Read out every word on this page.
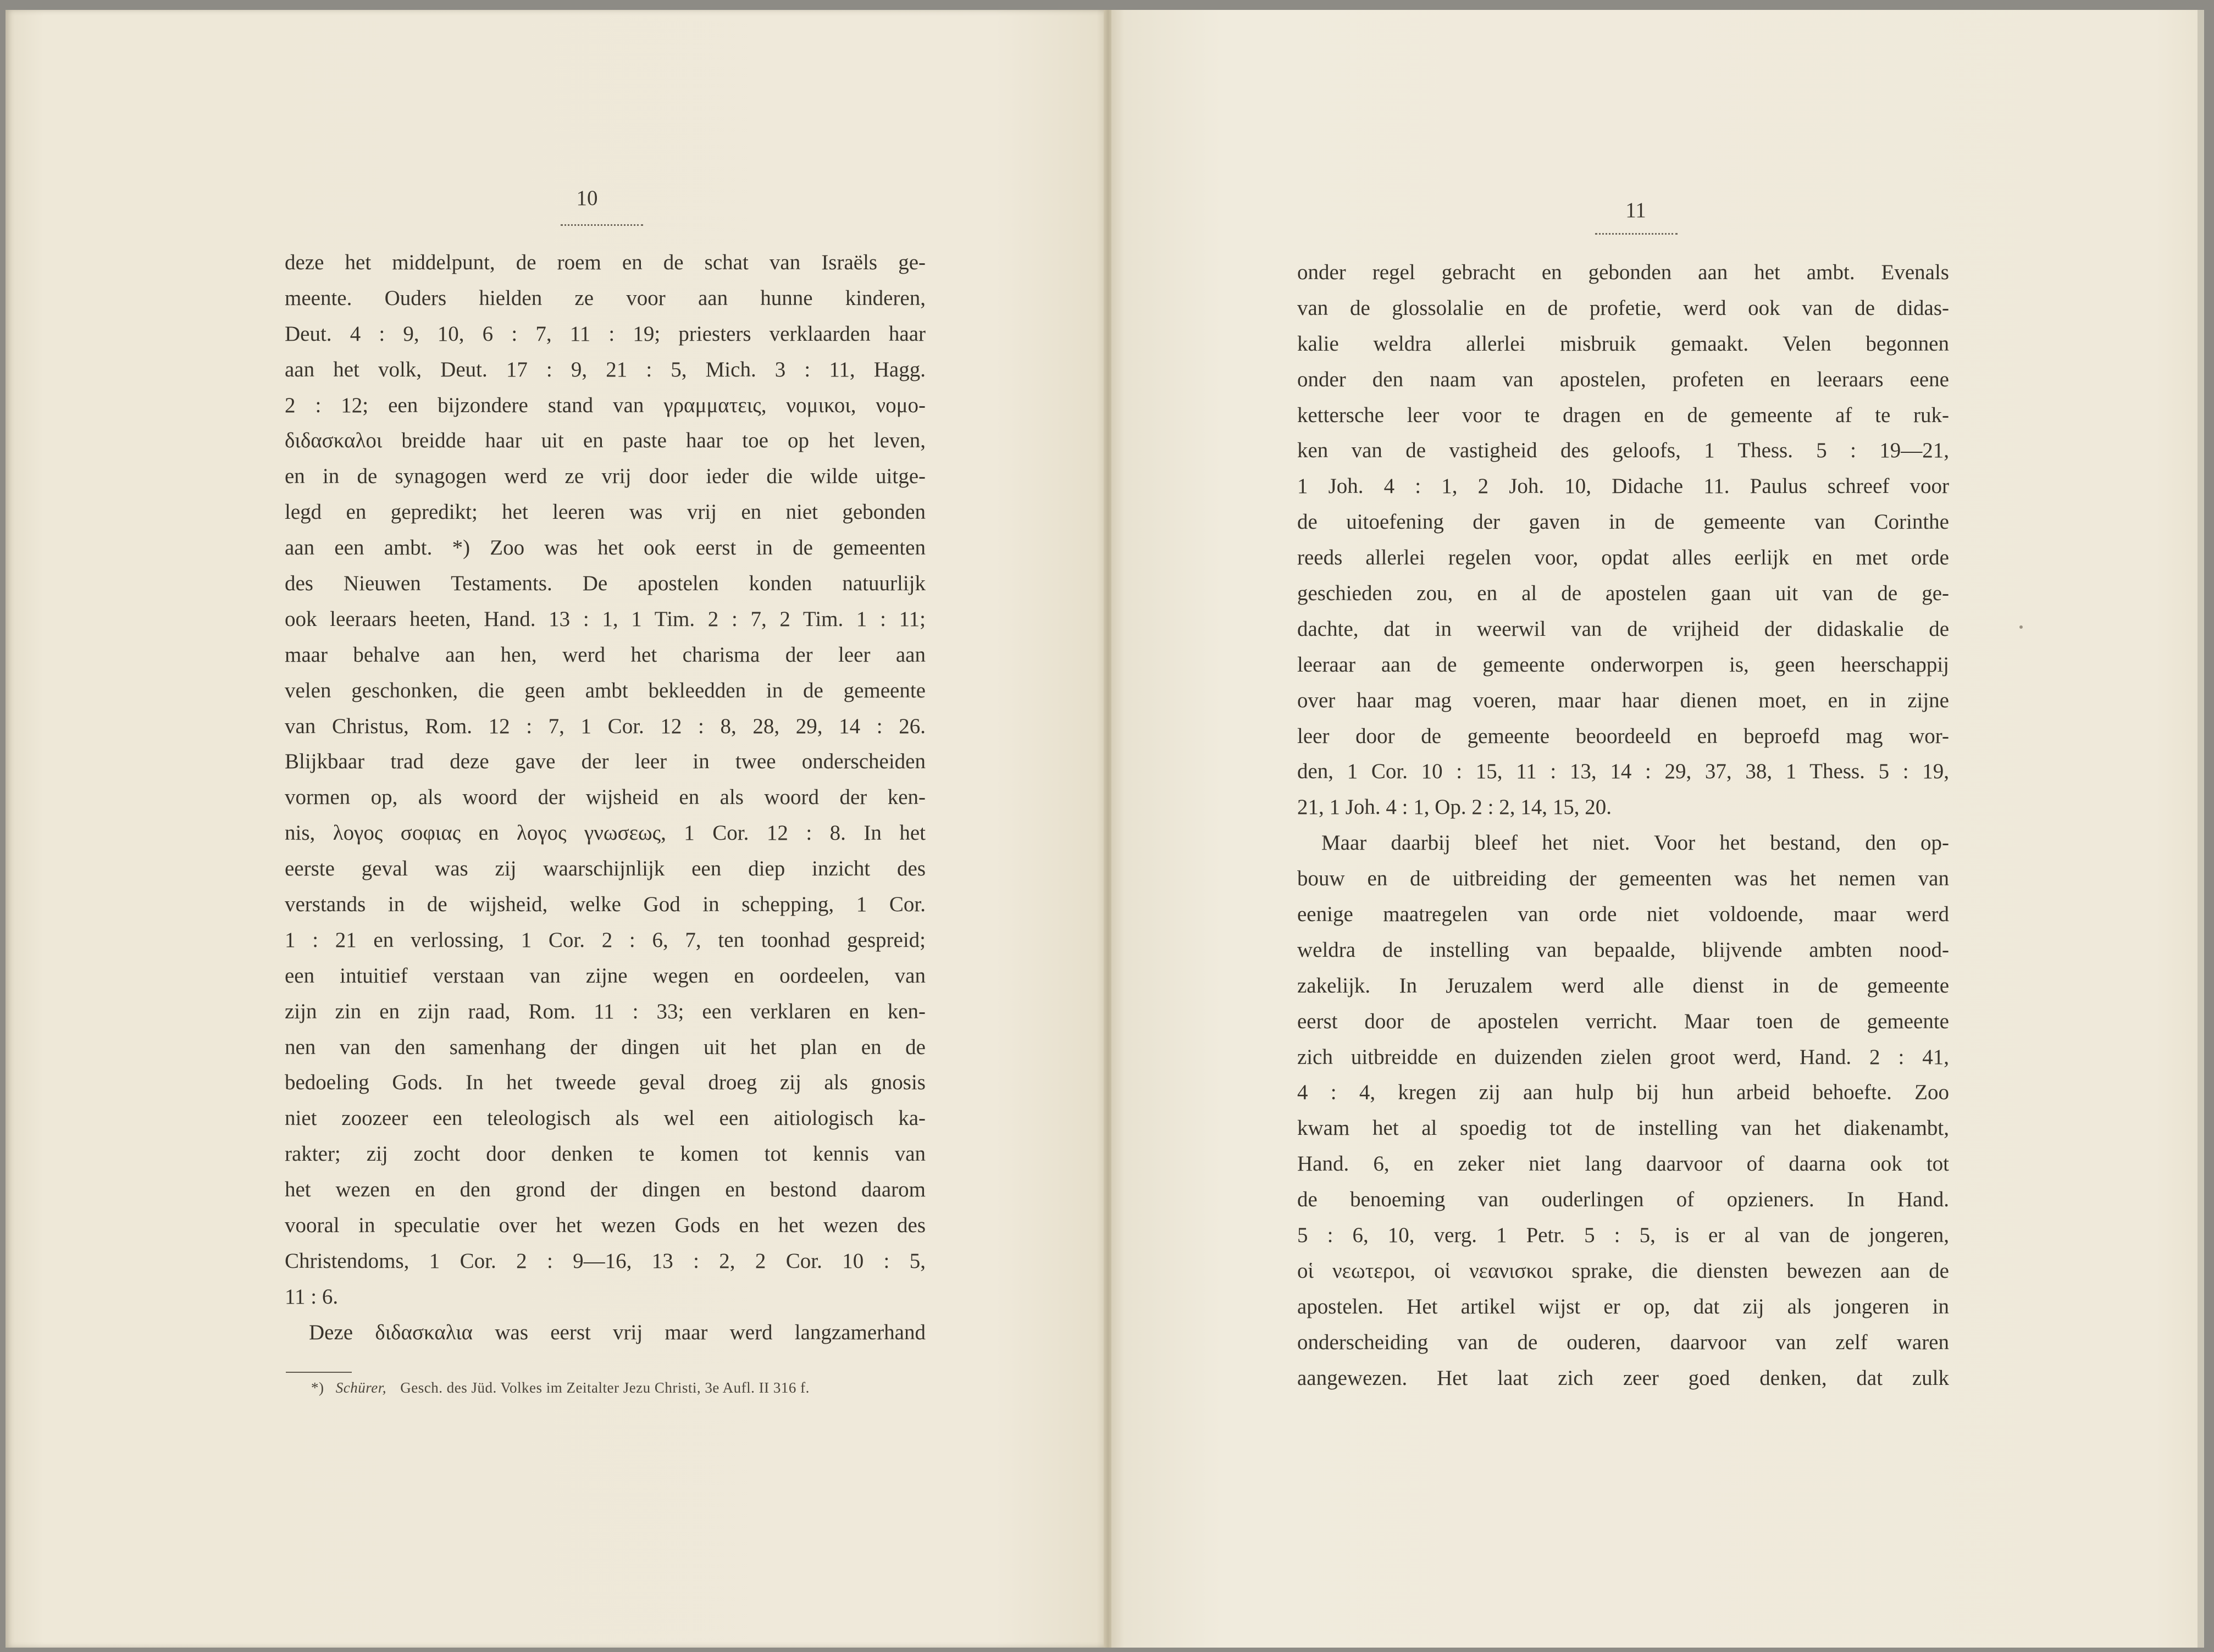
10
deze het middelpunt, de roem en de schat van Israëls ge-
meente. Ouders hielden ze voor aan hunne kinderen,
Deut. 4 : 9, 10, 6 : 7, 11 : 19; priesters verklaarden haar
aan het volk, Deut. 17 : 9, 21 : 5, Mich. 3 : 11, Hagg.
2 : 12; een bijzondere stand van γραμματεις, νομικοι, νομο-
διδασκαλοι breidde haar uit en paste haar toe op het leven,
en in de synagogen werd ze vrij door ieder die wilde uitge-
legd en gepredikt; het leeren was vrij en niet gebonden
aan een ambt. *) Zoo was het ook eerst in de gemeenten
des Nieuwen Testaments. De apostelen konden natuurlijk
ook leeraars heeten, Hand. 13 : 1, 1 Tim. 2 : 7, 2 Tim. 1 : 11;
maar behalve aan hen, werd het charisma der leer aan
velen geschonken, die geen ambt bekleedden in de gemeente
van Christus, Rom. 12 : 7, 1 Cor. 12 : 8, 28, 29, 14 : 26.
Blijkbaar trad deze gave der leer in twee onderscheiden
vormen op, als woord der wijsheid en als woord der ken-
nis, λογος σοφιας en λογος γνωσεως, 1 Cor. 12 : 8. In het
eerste geval was zij waarschijnlijk een diep inzicht des
verstands in de wijsheid, welke God in schepping, 1 Cor.
1 : 21 en verlossing, 1 Cor. 2 : 6, 7, ten toonhad gespreid;
een intuitief verstaan van zijne wegen en oordeelen, van
zijn zin en zijn raad, Rom. 11 : 33; een verklaren en ken-
nen van den samenhang der dingen uit het plan en de
bedoeling Gods. In het tweede geval droeg zij als gnosis
niet zoozeer een teleologisch als wel een aitiologisch ka-
rakter; zij zocht door denken te komen tot kennis van
het wezen en den grond der dingen en bestond daarom
vooral in speculatie over het wezen Gods en het wezen des
Christendoms, 1 Cor. 2 : 9—16, 13 : 2, 2 Cor. 10 : 5,
11 : 6.
Deze διδασκαλια was eerst vrij maar werd langzamerhand
*) Schürer, Gesch. des Jüd. Volkes im Zeitalter Jezu Christi, 3e Aufl. II 316 f.
11
onder regel gebracht en gebonden aan het ambt. Evenals
van de glossolalie en de profetie, werd ook van de didas-
kalie weldra allerlei misbruik gemaakt. Velen begonnen
onder den naam van apostelen, profeten en leeraars eene
kettersche leer voor te dragen en de gemeente af te ruk-
ken van de vastigheid des geloofs, 1 Thess. 5 : 19—21,
1 Joh. 4 : 1, 2 Joh. 10, Didache 11. Paulus schreef voor
de uitoefening der gaven in de gemeente van Corinthe
reeds allerlei regelen voor, opdat alles eerlijk en met orde
geschieden zou, en al de apostelen gaan uit van de ge-
dachte, dat in weerwil van de vrijheid der didaskalie de
leeraar aan de gemeente onderworpen is, geen heerschappij
over haar mag voeren, maar haar dienen moet, en in zijne
leer door de gemeente beoordeeld en beproefd mag wor-
den, 1 Cor. 10 : 15, 11 : 13, 14 : 29, 37, 38, 1 Thess. 5 : 19,
21, 1 Joh. 4 : 1, Op. 2 : 2, 14, 15, 20.
Maar daarbij bleef het niet. Voor het bestand, den op-
bouw en de uitbreiding der gemeenten was het nemen van
eenige maatregelen van orde niet voldoende, maar werd
weldra de instelling van bepaalde, blijvende ambten nood-
zakelijk. In Jeruzalem werd alle dienst in de gemeente
eerst door de apostelen verricht. Maar toen de gemeente
zich uitbreidde en duizenden zielen groot werd, Hand. 2 : 41,
4 : 4, kregen zij aan hulp bij hun arbeid behoefte. Zoo
kwam het al spoedig tot de instelling van het diakenambt,
Hand. 6, en zeker niet lang daarvoor of daarna ook tot
de benoeming van ouderlingen of opzieners. In Hand.
5 : 6, 10, verg. 1 Petr. 5 : 5, is er al van de jongeren,
οἱ νεωτεροι, οἱ νεανισκοι sprake, die diensten bewezen aan de
apostelen. Het artikel wijst er op, dat zij als jongeren in
onderscheiding van de ouderen, daarvoor van zelf waren
aangewezen. Het laat zich zeer goed denken, dat zulk
